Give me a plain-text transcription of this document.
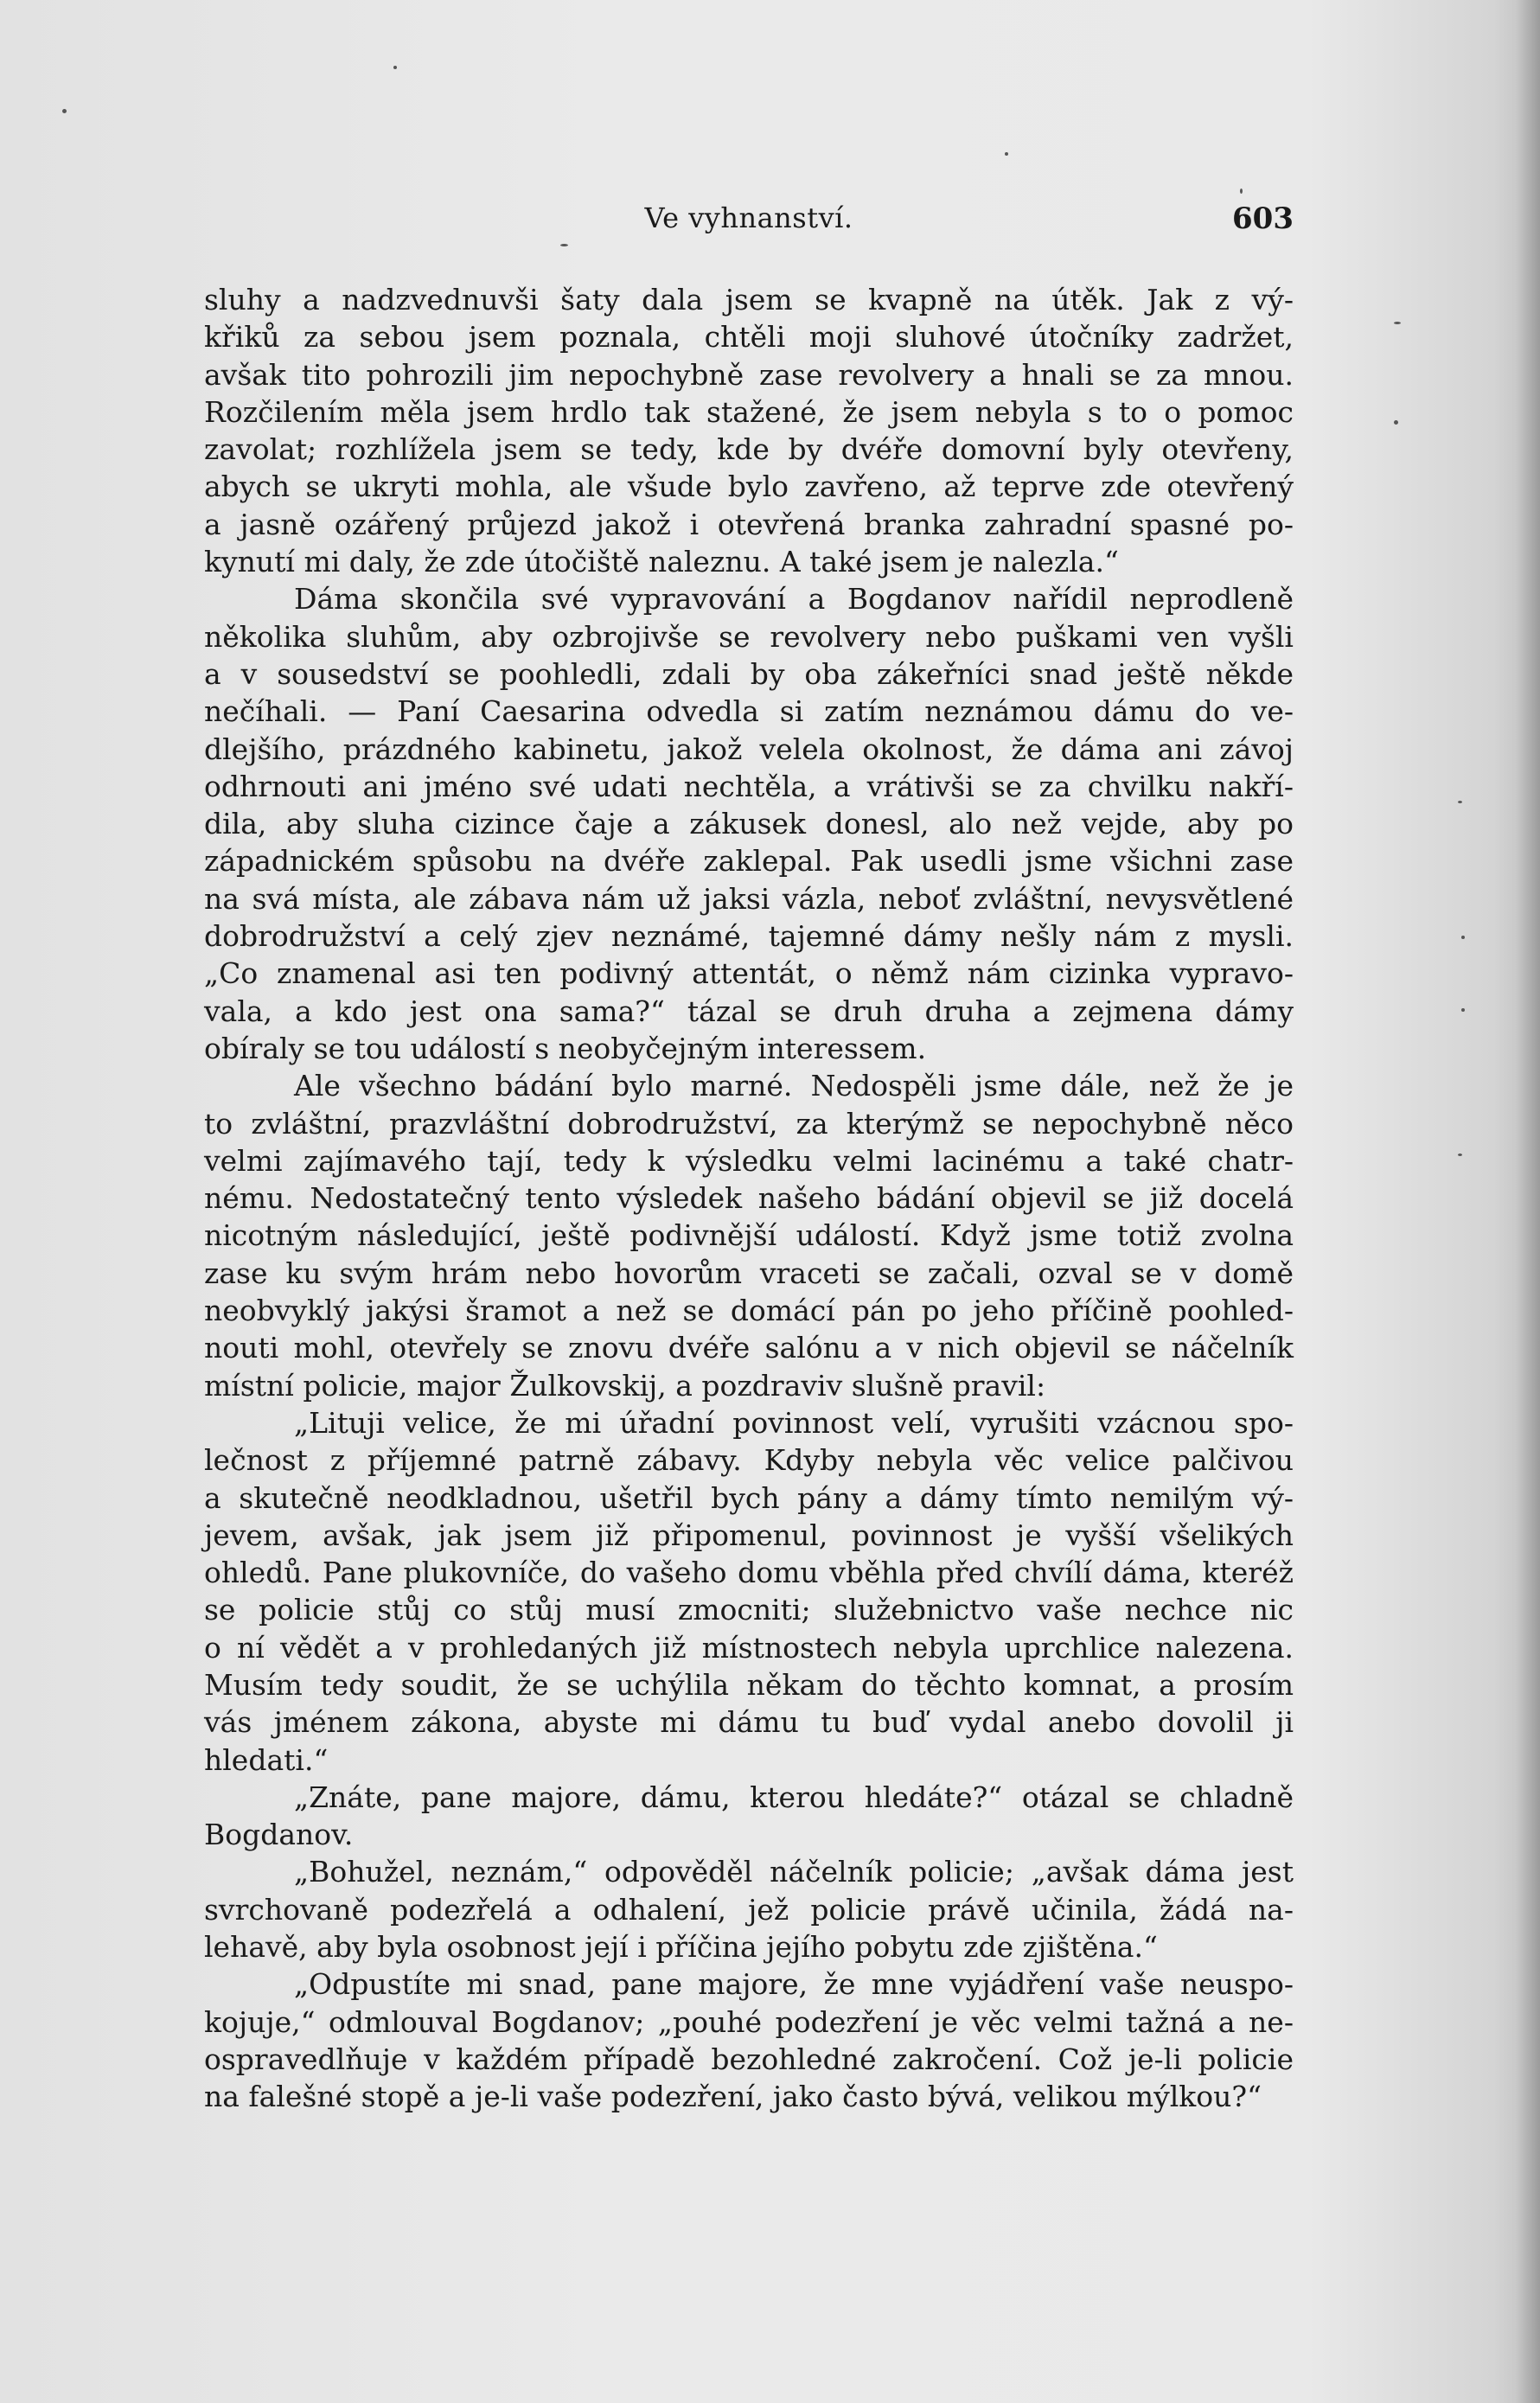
Ve vyhnanství.	603
sluhy a nadzvednuvši šaty dala jsem se kvapně na útěk. Jak z vý-
křiků za sebou jsem poznala, chtěli moji sluhové útočníky zadržet,
avšak tito pohrozili jim nepochybně zase revolvery a hnali se za mnou.
Rozčilením měla jsem hrdlo tak stažené, že jsem nebyla s to o pomoc
zavolat; rozhlížela jsem se tedy, kde by dvéře domovní byly otevřeny,
abych se ukryti mohla, ale všude bylo zavřeno, až teprve zde otevřený
a jasně ozářený průjezd jakož i otevřená branka zahradní spasné po-
kynutí mi daly, že zde útočiště naleznu. A také jsem je nalezla.“
Dáma skončila své vypravování a Bogdanov nařídil neprodleně
několika sluhům, aby ozbrojivše se revolvery nebo puškami ven vyšli
a v sousedství se poohledli, zdali by oba zákeřníci snad ještě někde
nečíhali. — Paní Caesarina odvedla si zatím neznámou dámu do ve-
dlejšího, prázdného kabinetu, jakož velela okolnost, že dáma ani závoj
odhrnouti ani jméno své udati nechtěla, a vrátivši se za chvilku nakří-
dila, aby sluha cizince čaje a zákusek donesl, alo než vejde, aby po
západnickém spůsobu na dvéře zaklepal. Pak usedli jsme všichni zase
na svá místa, ale zábava nám už jaksi vázla, neboť zvláštní, nevysvětlené
dobrodružství a celý zjev neznámé, tajemné dámy nešly nám z mysli.
„Co znamenal asi ten podivný attentát, o němž nám cizinka vypravo-
vala, a kdo jest ona sama?“ tázal se druh druha a zejmena dámy
obíraly se tou událostí s neobyčejným interessem.
Ale všechno bádání bylo marné. Nedospěli jsme dále, než že je
to zvláštní, prazvláštní dobrodružství, za kterýmž se nepochybně něco
velmi zajímavého tají, tedy k výsledku velmi lacinému a také chatr-
nému. Nedostatečný tento výsledek našeho bádání objevil se již docelá
nicotným následující, ještě podivnější událostí. Když jsme totiž zvolna
zase ku svým hrám nebo hovorům vraceti se začali, ozval se v domě
neobvyklý jakýsi šramot a než se domácí pán po jeho příčině poohled-
nouti mohl, otevřely se znovu dvéře salónu a v nich objevil se náčelník
místní policie, major Žulkovskij, a pozdraviv slušně pravil:
„Lituji velice, že mi úřadní povinnost velí, vyrušiti vzácnou spo-
lečnost z příjemné patrně zábavy. Kdyby nebyla věc velice palčivou
a skutečně neodkladnou, ušetřil bych pány a dámy tímto nemilým vý-
jevem, avšak, jak jsem již připomenul, povinnost je vyšší všelikých
ohledů. Pane plukovníče, do vašeho domu vběhla před chvílí dáma, kteréž
se policie stůj co stůj musí zmocniti; služebnictvo vaše nechce nic
o ní vědět a v prohledaných již místnostech nebyla uprchlice nalezena.
Musím tedy soudit, že se uchýlila někam do těchto komnat, a prosím
vás jménem zákona, abyste mi dámu tu buď vydal anebo dovolil ji
hledati.“
„Znáte, pane majore, dámu, kterou hledáte?“ otázal se chladně
Bogdanov.
„Bohužel, neznám,“ odpověděl náčelník policie; „avšak dáma jest
svrchovaně podezřelá a odhalení, jež policie právě učinila, žádá na-
lehavě, aby byla osobnost její i příčina jejího pobytu zde zjištěna.“
„Odpustíte mi snad, pane majore, že mne vyjádření vaše neuspo-
kojuje,“ odmlouval Bogdanov; „pouhé podezření je věc velmi tažná a ne-
ospravedlňuje v každém případě bezohledné zakročení. Což je-li policie
na falešné stopě a je-li vaše podezření, jako často bývá, velikou mýlkou?“
